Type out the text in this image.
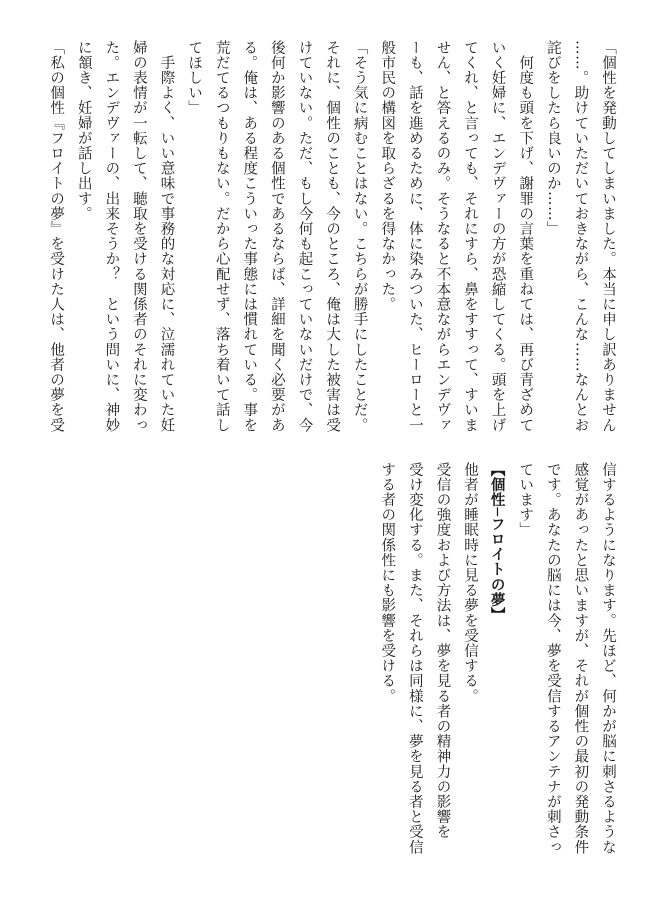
「個性を発動してしまいました。本当に申し訳ありません

……。助けていただいておきながら、こんな……なんとお

詫びをしたら良いのか……」

　何度も頭を下げ、謝罪の言葉を重ねては、再び青ざめて

いく妊婦に、エンデヴァーの方が恐縮してくる。頭を上げ

てくれ、と言っても、それにすら、鼻をすすって、すいま

せん、と答えるのみ。そうなると不本意ながらエンデヴァ

ーも、話を進めるために、体に染みついた、ヒーローと一

般市民の構図を取らざるを得なかった。

「そう気に病むことはない。こちらが勝手にしたことだ。

それに、個性のことも、今のところ、俺は大した被害は受

けていない。ただ、もし今何も起こっていないだけで、今

後何か影響のある個性であるならば、詳細を聞く必要があ

る。俺は、ある程度こういった事態には慣れている。事を

荒だてるつもりもない。だから心配せず、落ち着いて話し

てほしい」

　手際よく、いい意味で事務的な対応に、泣濡れていた妊

婦の表情が一転して、聴取を受ける関係者のそれに変わっ

た。エンデヴァーの、出来そうか？　という問いに、神妙

に頷き、妊婦が話し出す。

「私の個性『フロイトの夢』を受けた人は、他者の夢を受

信するようになります。先ほど、何かが脳に刺さるような

感覚があったと思いますが、それが個性の最初の発動条件

です。あなたの脳には今、夢を受信するアンテナが刺さっ

ています」

【個性─フロイトの夢】

他者が睡眠時に見る夢を受信する。

受信の強度および方法は、夢を見る者の精神力の影響を

受け変化する。また、それらは同様に、夢を見る者と受信

する者の関係性にも影響を受ける。
